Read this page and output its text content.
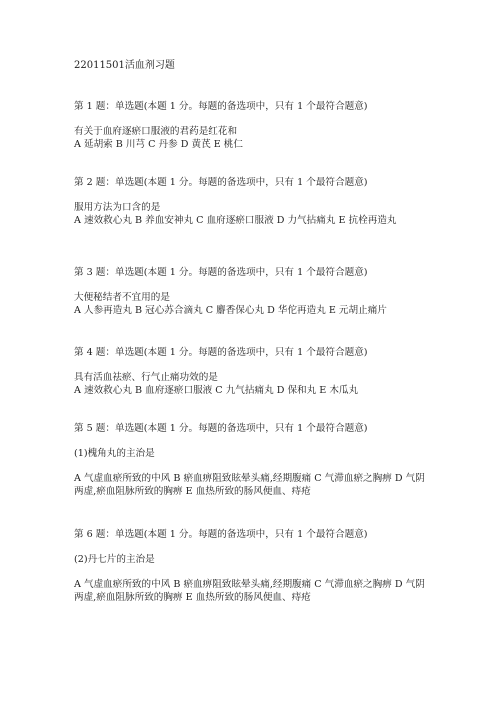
22011501活血剂习题
第 1 题：单选题(本题 1 分。每题的备选项中，只有 1 个最符合题意)
有关于血府逐瘀口服液的君药是红花和
A 延胡索 B 川芎 C 丹参 D 黄芪 E 桃仁
第 2 题：单选题(本题 1 分。每题的备选项中，只有 1 个最符合题意)
服用方法为口含的是
A 速效救心丸 B 养血安神丸 C 血府逐瘀口服液 D 力气拈痛丸 E 抗栓再造丸
第 3 题：单选题(本题 1 分。每题的备选项中，只有 1 个最符合题意)
大便秘结者不宜用的是
A 人参再造丸 B 冠心苏合滴丸 C 麝香保心丸 D 华佗再造丸 E 元胡止痛片
第 4 题：单选题(本题 1 分。每题的备选项中，只有 1 个最符合题意)
具有活血祛瘀、行气止痛功效的是
A 速效救心丸 B 血府逐瘀口服液 C 九气拈痛丸 D 保和丸 E 木瓜丸
第 5 题：单选题(本题 1 分。每题的备选项中，只有 1 个最符合题意)
(1)槐角丸的主治是
A 气虚血瘀所致的中风 B 瘀血痹阻致眩晕头痛,经期腹痛 C 气滞血瘀之胸痹 D 气阴两虚,瘀血阻脉所致的胸痹 E 血热所致的肠风便血、痔疮
第 6 题：单选题(本题 1 分。每题的备选项中，只有 1 个最符合题意)
(2)丹七片的主治是
A 气虚血瘀所致的中风 B 瘀血痹阻致眩晕头痛,经期腹痛 C 气滞血瘀之胸痹 D 气阴两虚,瘀血阻脉所致的胸痹 E 血热所致的肠风便血、痔疮
